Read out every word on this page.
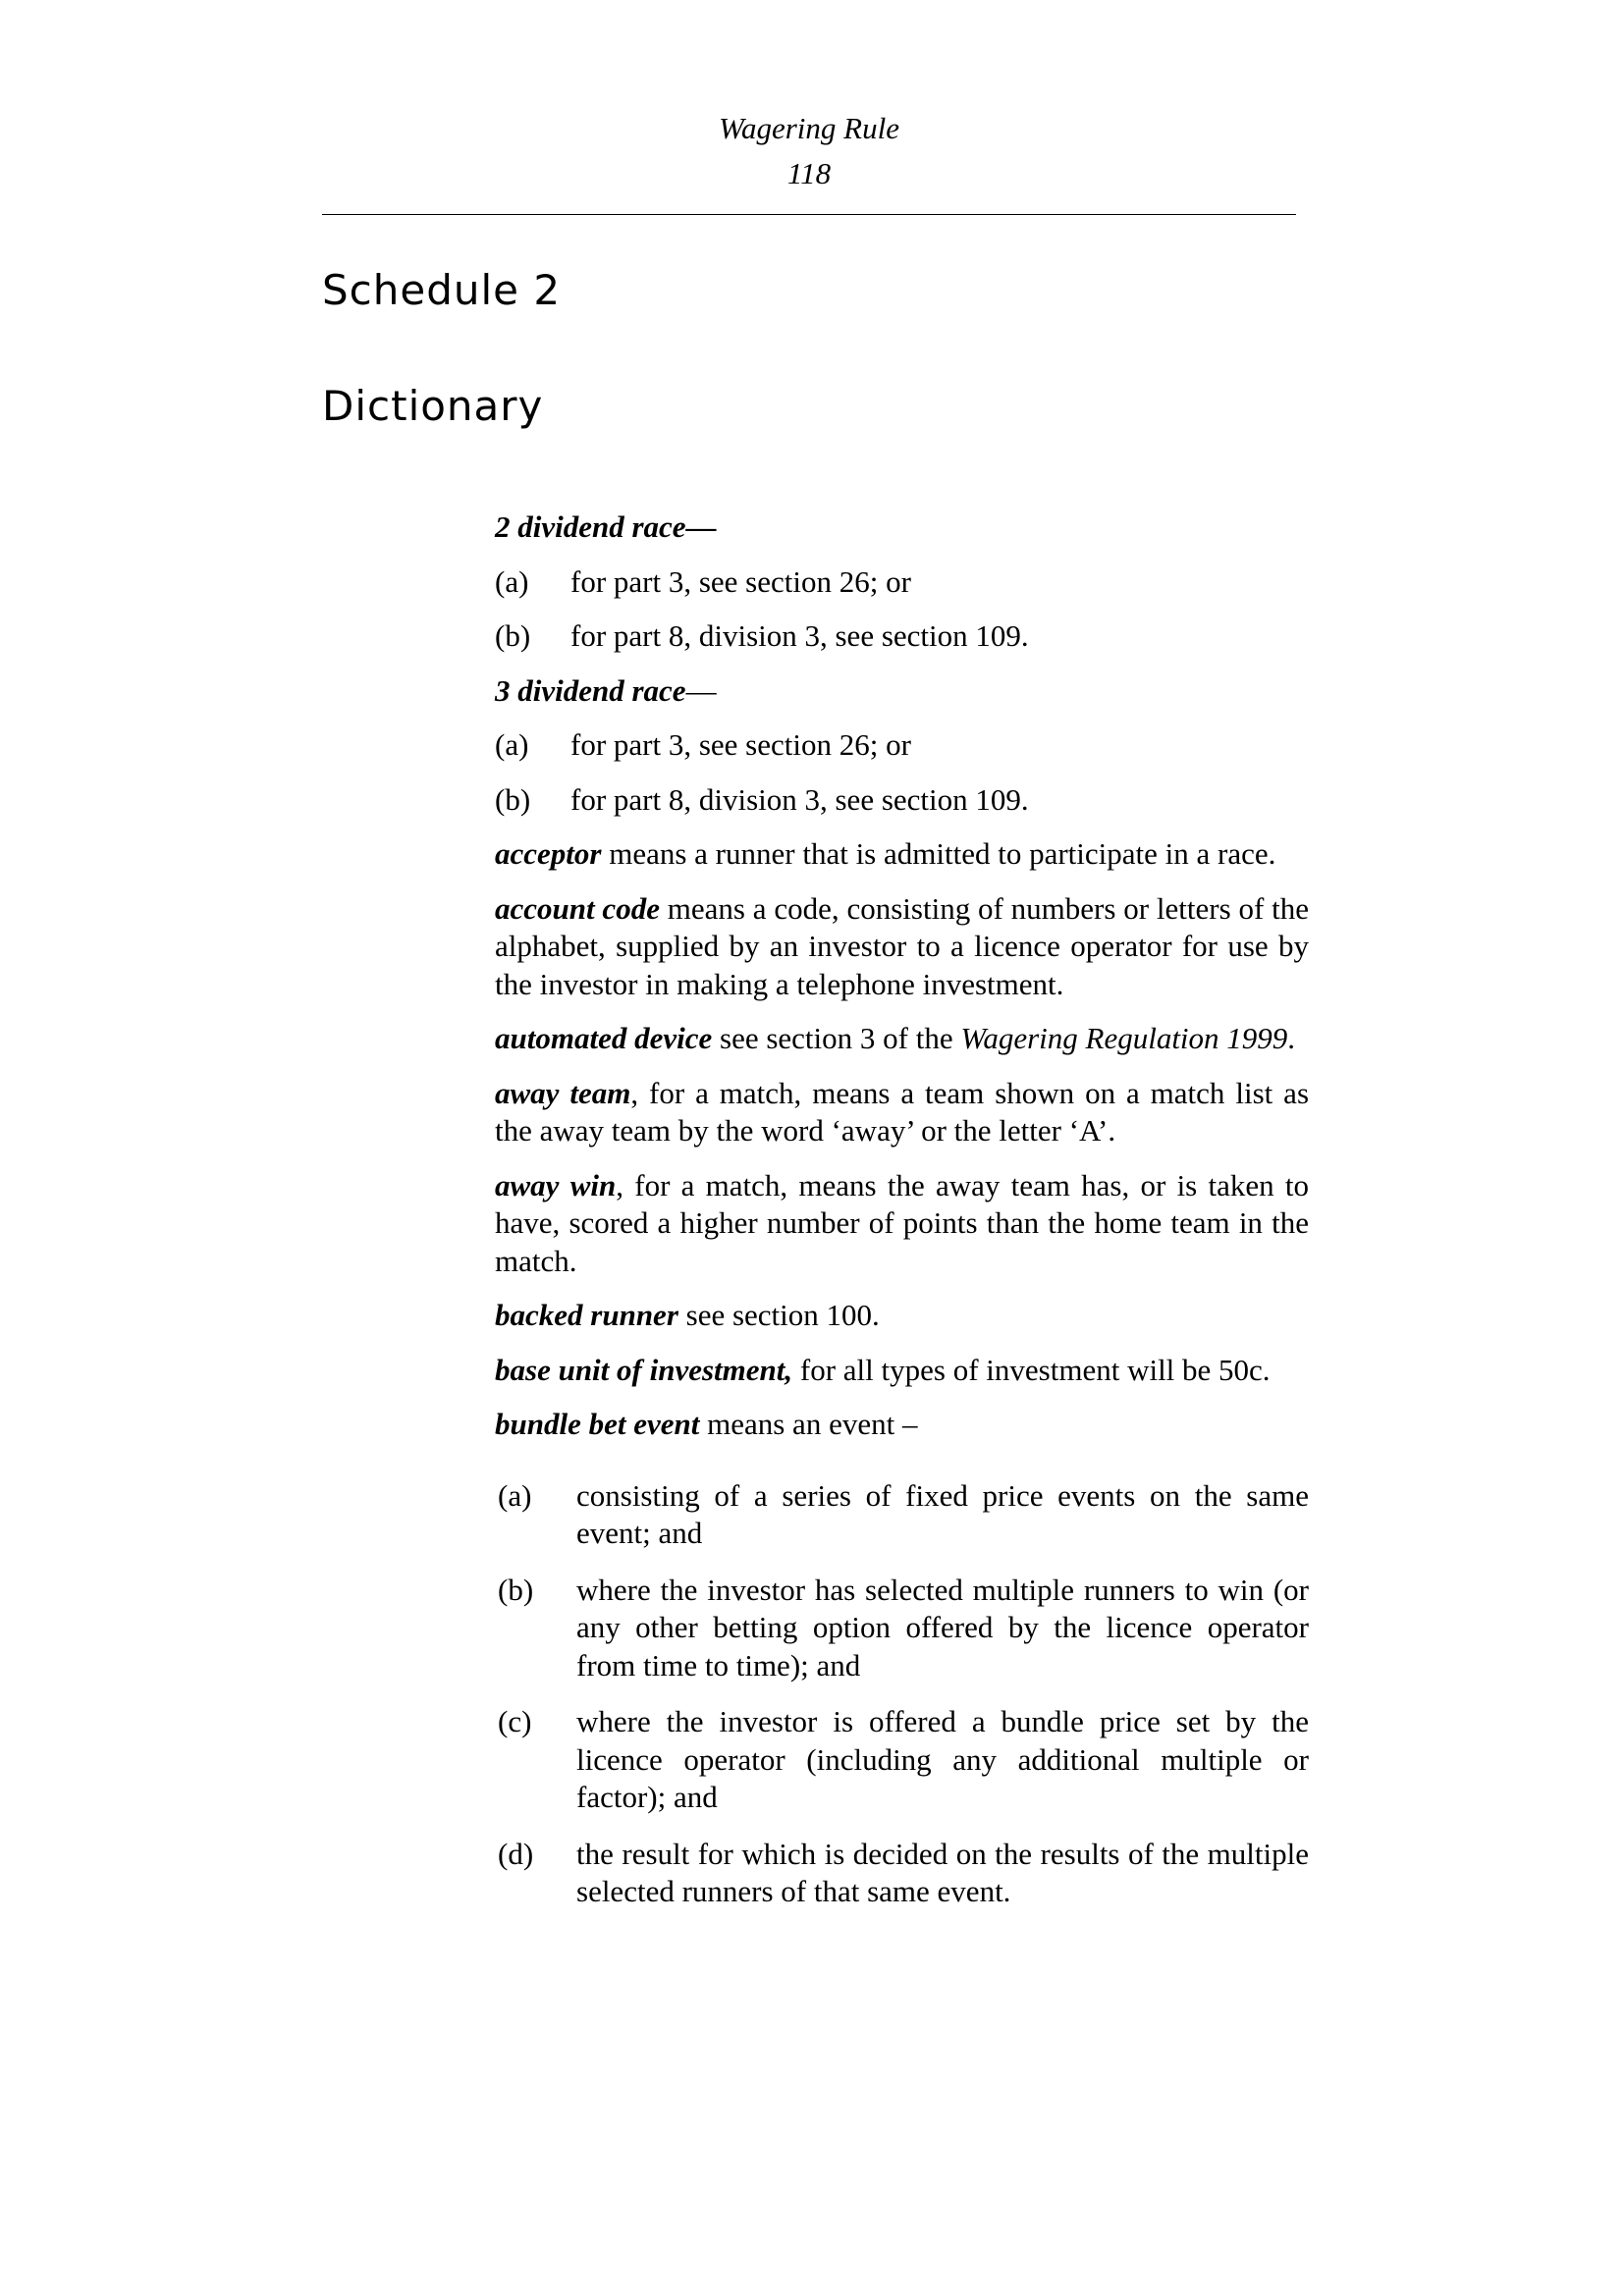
Wagering Rule
118
Schedule 2
Dictionary
2 dividend race—
(a)	for part 3, see section 26; or
(b)	for part 8, division 3, see section 109.
3 dividend race—
(a)	for part 3, see section 26; or
(b)	for part 8, division 3, see section 109.
acceptor means a runner that is admitted to participate in a race.
account code means a code, consisting of numbers or letters of the alphabet, supplied by an investor to a licence operator for use by the investor in making a telephone investment.
automated device see section 3 of the Wagering Regulation 1999.
away team, for a match, means a team shown on a match list as the away team by the word ‘away’ or the letter ‘A’.
away win, for a match, means the away team has, or is taken to have, scored a higher number of points than the home team in the match.
backed runner see section 100.
base unit of investment, for all types of investment will be 50c.
bundle bet event means an event –
(a)	consisting of a series of fixed price events on the same event; and
(b)	where the investor has selected multiple runners to win (or any other betting option offered by the licence operator from time to time); and
(c)	where the investor is offered a bundle price set by the licence operator (including any additional multiple or factor); and
(d)	the result for which is decided on the results of the multiple selected runners of that same event.
